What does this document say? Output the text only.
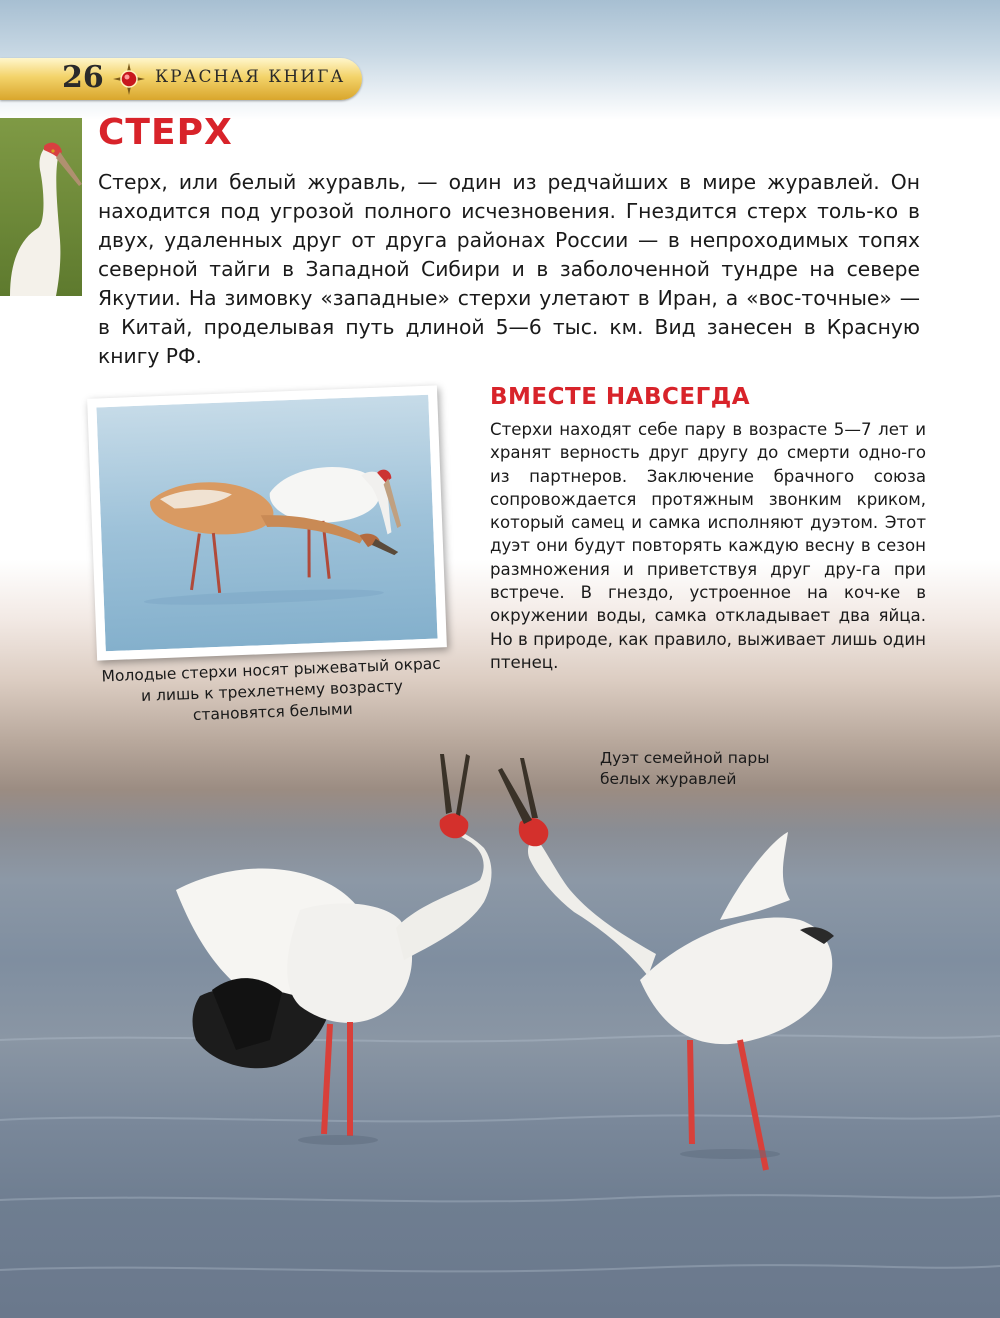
26	КРАСНАЯ КНИГА
СТЕРХ

Стерх, или белый журавль, — один из редчайших в мире журавлей. Он находится под угрозой полного исчезновения. Гнездится стерх толь-ко в двух, удаленных друг от друга районах России — в непроходимых топях северной тайги в Западной Сибири и в заболоченной тундре на севере Якутии. На зимовку «западные» стерхи улетают в Иран, а «вос-точные» — в Китай, проделывая путь длиной 5—6 тыс. км. Вид занесен в Красную книгу РФ.

Молодые стерхи носят рыжеватый окрас и лишь к трехлетнему возрасту становятся белыми

ВМЕСТЕ НАВСЕГДА

Стерхи находят себе пару в возрасте 5—7 лет и хранят верность друг другу до смерти одно-го из партнеров. Заключение брачного союза сопровождается протяжным звонким криком, который самец и самка исполняют дуэтом. Этот дуэт они будут повторять каждую весну в сезон размножения и приветствуя друг дру-га при встрече. В гнездо, устроенное на коч-ке в окружении воды, самка откладывает два яйца. Но в природе, как правило, выживает лишь один птенец.

Дуэт семейной пары белых журавлей
